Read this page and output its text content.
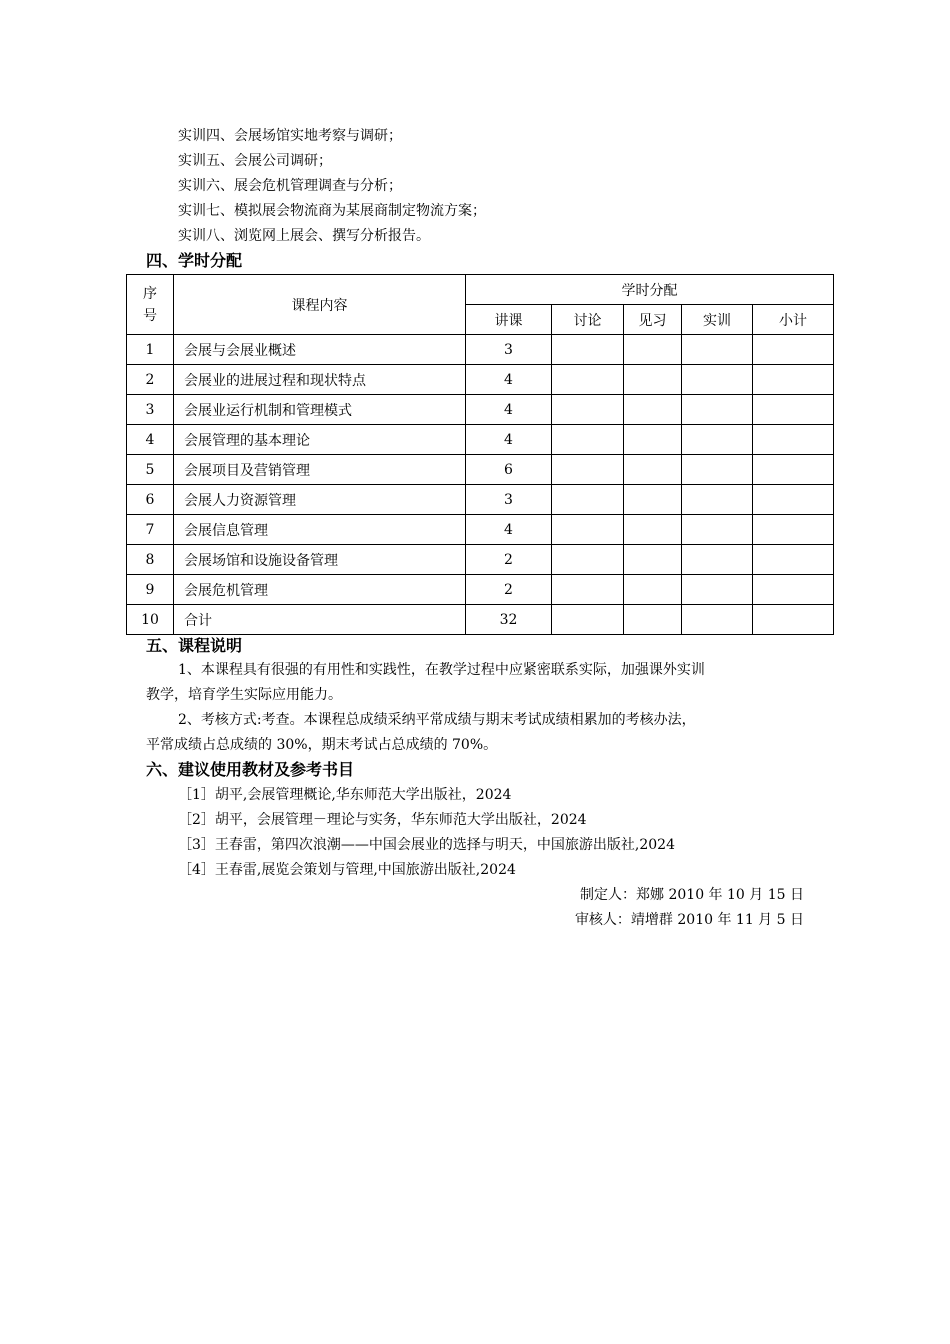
实训四、会展场馆实地考察与调研；
实训五、会展公司调研；
实训六、展会危机管理调查与分析；
实训七、模拟展会物流商为某展商制定物流方案；
实训八、浏览网上展会、撰写分析报告。
四、学时分配
序
号	课程内容	学时分配				
		讲课	讨论	见习	实训	小计
1	会展与会展业概述	3				
2	会展业的进展过程和现状特点	4				
3	会展业运行机制和管理模式	4				
4	会展管理的基本理论	4				
5	会展项目及营销管理	6				
6	会展人力资源管理	3				
7	会展信息管理	4				
8	会展场馆和设施设备管理	2				
9	会展危机管理	2				
10	合计	32				
五、课程说明
1、本课程具有很强的有用性和实践性，在教学过程中应紧密联系实际，加强课外实训
教学，培育学生实际应用能力。
2、考核方式:考查。本课程总成绩采纳平常成绩与期末考试成绩相累加的考核办法，
平常成绩占总成绩的 30%，期末考试占总成绩的 70%。
六、建议使用教材及参考书目
［1］胡平,会展管理概论,华东师范大学出版社，2024
［2］胡平，会展管理－理论与实务，华东师范大学出版社，2024
［3］王春雷，第四次浪潮——中国会展业的选择与明天，中国旅游出版社,2024
［4］王春雷,展览会策划与管理,中国旅游出版社,2024
制定人：郑娜 2010 年 10 月 15 日
审核人：靖增群 2010 年 11 月 5 日
